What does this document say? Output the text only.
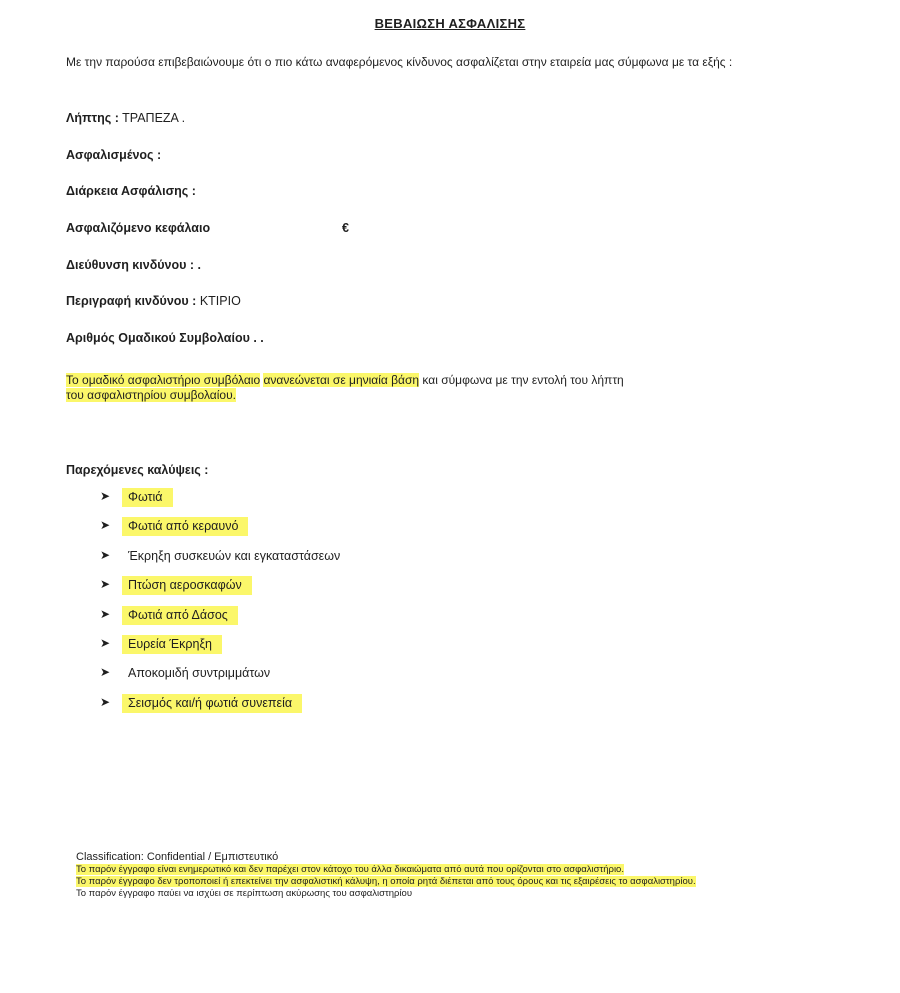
ΒΕΒΑΙΩΣΗ ΑΣΦΑΛΙΣΗΣ
Με την παρούσα επιβεβαιώνουμε ότι ο πιο κάτω αναφερόμενος κίνδυνος ασφαλίζεται στην εταιρεία μας σύμφωνα με τα εξής :
Λήπτης : ΤΡΑΠΕΖΑ .
Ασφαλισμένος :
Διάρκεια Ασφάλισης :
Ασφαλιζόμενο κεφάλαιο	€
Διεύθυνση κινδύνου : .
Περιγραφή κινδύνου : ΚΤΙΡΙΟ
Αριθμός Ομαδικού Συμβολαίου . .
Το ομαδικό ασφαλιστήριο συμβόλαιο ανανεώνεται σε μηνιαία βάση και σύμφωνα με την εντολή του λήπτη
του ασφαλιστηρίου συμβολαίου.
Παρεχόμενες καλύψεις :
➤	Φωτιά
➤	Φωτιά από κεραυνό
➤	Έκρηξη συσκευών και εγκαταστάσεων
➤	Πτώση αεροσκαφών
➤	Φωτιά από Δάσος
➤	Ευρεία Έκρηξη
➤	Αποκομιδή συντριμμάτων
➤	Σεισμός και/ή φωτιά συνεπεία
Classification: Confidential / Εμπιστευτικό
Το παρόν έγγραφο είναι ενημερωτικό και δεν παρέχει στον κάτοχο του άλλα δικαιώματα από αυτά που ορίζονται στο ασφαλιστήριο.
Το παρόν έγγραφο δεν τροποποιεί ή επεκτείνει την ασφαλιστική κάλυψη, η οποία ρητά διέπεται από τους όρους και τις εξαιρέσεις το ασφαλιστηρίου.
Το παρόν έγγραφο παύει να ισχύει σε περίπτωση ακύρωσης του ασφαλιστηρίου
